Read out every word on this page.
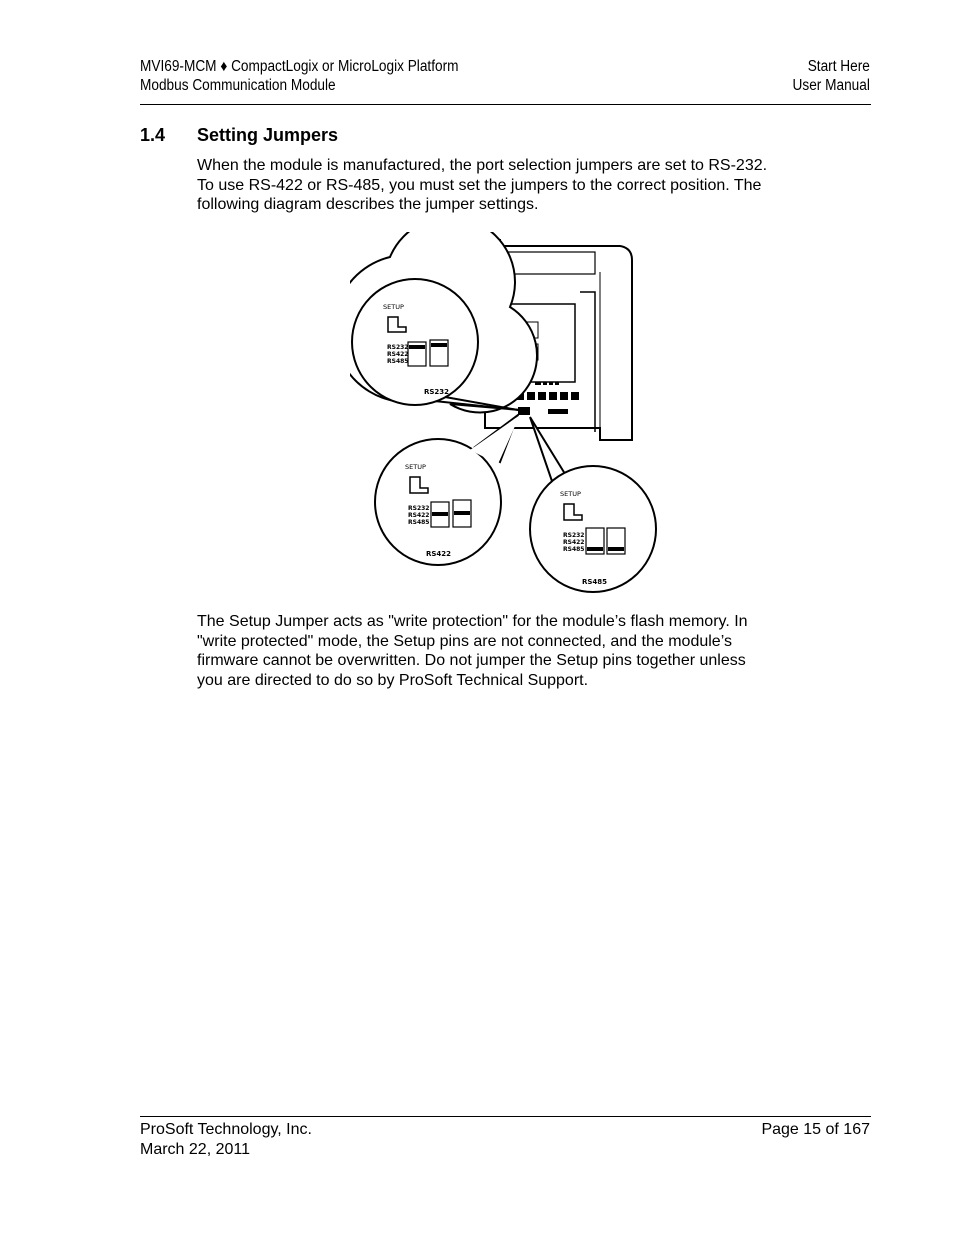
MVI69-MCM ♦ CompactLogix or MicroLogix Platform
Modbus Communication Module
Start Here
User Manual
1.4 Setting Jumpers
When the module is manufactured, the port selection jumpers are set to RS-232.
To use RS-422 or RS-485, you must set the jumpers to the correct position. The
following diagram describes the jumper settings.
SETUP
RS232
RS422
RS485
RS232
SETUP
RS232
RS422
RS485
RS422
SETUP
RS232
RS422
RS485
RS485
The Setup Jumper acts as "write protection" for the module’s flash memory. In
"write protected" mode, the Setup pins are not connected, and the module’s
firmware cannot be overwritten. Do not jumper the Setup pins together unless
you are directed to do so by ProSoft Technical Support.
ProSoft Technology, Inc.
March 22, 2011
Page 15 of 167
